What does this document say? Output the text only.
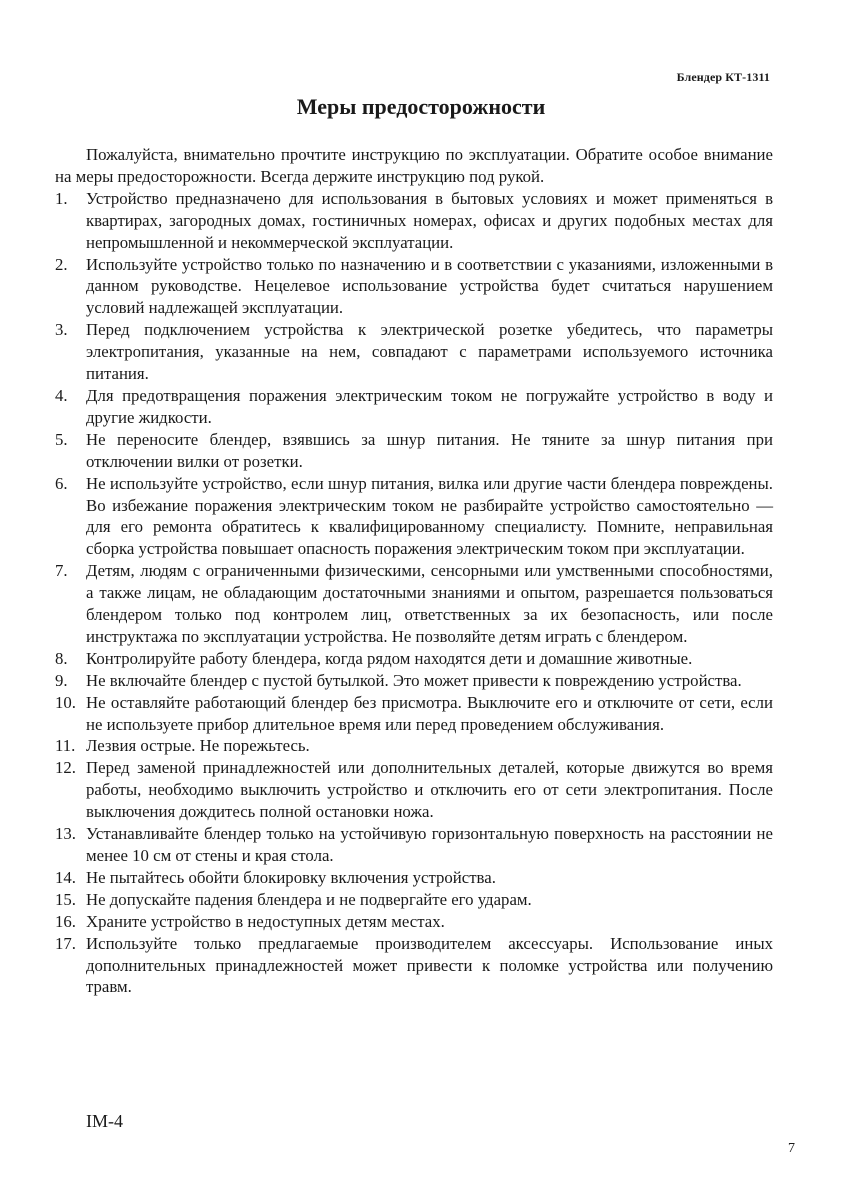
Блендер КТ-1311
Меры предосторожности

Пожалуйста, внимательно прочтите инструкцию по эксплуатации. Обратите особое внимание на меры предосторожности. Всегда держите инструкцию под рукой.

1.	Устройство предназначено для использования в бытовых условиях и может применяться в квартирах, загородных домах, гостиничных номерах, офисах и других подобных местах для непромышленной и некоммерческой эксплуатации.
2.	Используйте устройство только по назначению и в соответствии с указаниями, изложенными в данном руководстве. Нецелевое использование устройства будет считаться нарушением условий надлежащей эксплуатации.
3.	Перед подключением устройства к электрической розетке убедитесь, что параметры электропитания, указанные на нем, совпадают с параметрами используемого источника питания.
4.	Для предотвращения поражения электрическим током не погружайте устройство в воду и другие жидкости.
5.	Не переносите блендер, взявшись за шнур питания. Не тяните за шнур питания при отключении вилки от розетки.
6.	Не используйте устройство, если шнур питания, вилка или другие части блендера повреждены. Во избежание поражения электрическим током не разбирайте устройство самостоятельно — для его ремонта обратитесь к квалифицированному специалисту. Помните, неправильная сборка устройства повышает опасность поражения электрическим током при эксплуатации.
7.	Детям, людям с ограниченными физическими, сенсорными или умственными способностями, а также лицам, не обладающим достаточными знаниями и опытом, разрешается пользоваться блендером только под контролем лиц, ответственных за их безопасность, или после инструктажа по эксплуатации устройства. Не позволяйте детям играть с блендером.
8.	Контролируйте работу блендера, когда рядом находятся дети и домашние животные.
9.	Не включайте блендер с пустой бутылкой. Это может привести к повреждению устройства.
10. Не оставляйте работающий блендер без присмотра. Выключите его и отключите от сети, если не используете прибор длительное время или перед проведением обслуживания.
11. Лезвия острые. Не порежьтесь.
12. Перед заменой принадлежностей или дополнительных деталей, которые движутся во время работы, необходимо выключить устройство и отключить его от сети электропитания. После выключения дождитесь полной остановки ножа.
13. Устанавливайте блендер только на устойчивую горизонтальную поверхность на расстоянии не менее 10 см от стены и края стола.
14. Не пытайтесь обойти блокировку включения устройства.
15. Не допускайте падения блендера и не подвергайте его ударам.
16. Храните устройство в недоступных детям местах.
17. Используйте только предлагаемые производителем аксессуары. Использование иных дополнительных принадлежностей может привести к поломке устройства или получению травм.
IM-4
7
